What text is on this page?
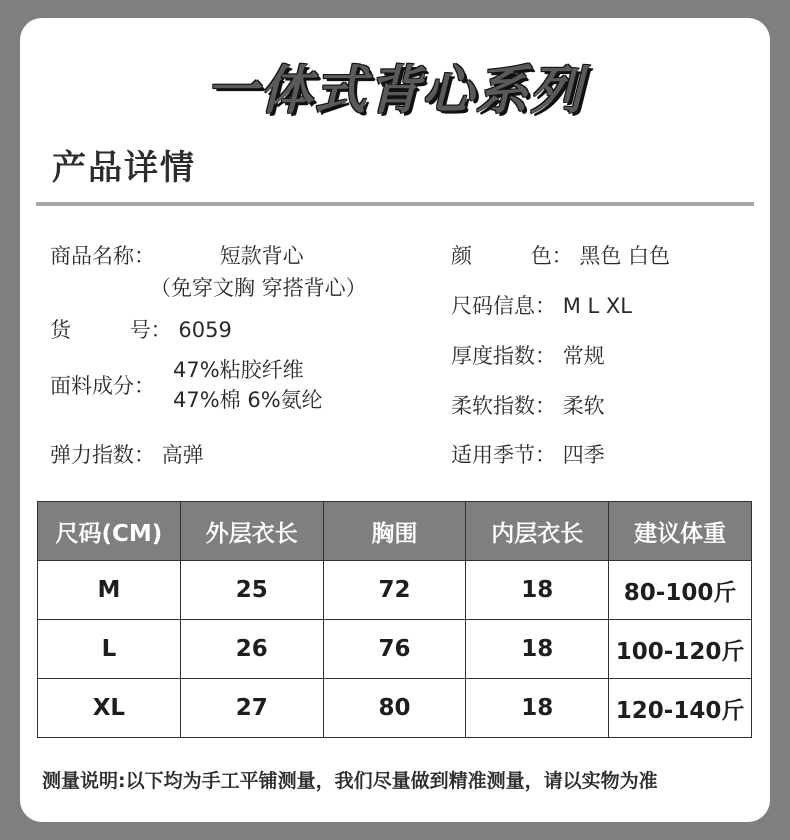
一体式背心系列
产品详情
商品名称：	短款背心
（免穿文胸 穿搭背心）
货	号： 6059
面料成分：
47%粘胶纤维
47%棉 6%氨纶
弹力指数： 高弹
颜	色： 黑色 白色
尺码信息： M L XL
厚度指数： 常规
柔软指数： 柔软
适用季节： 四季
尺码(CM)	外层衣长	胸围	内层衣长	建议体重
M	25	72	18	80-100斤
L	26	76	18	100-120斤
XL	27	80	18	120-140斤
测量说明:以下均为手工平铺测量，我们尽量做到精准测量，请以实物为准
